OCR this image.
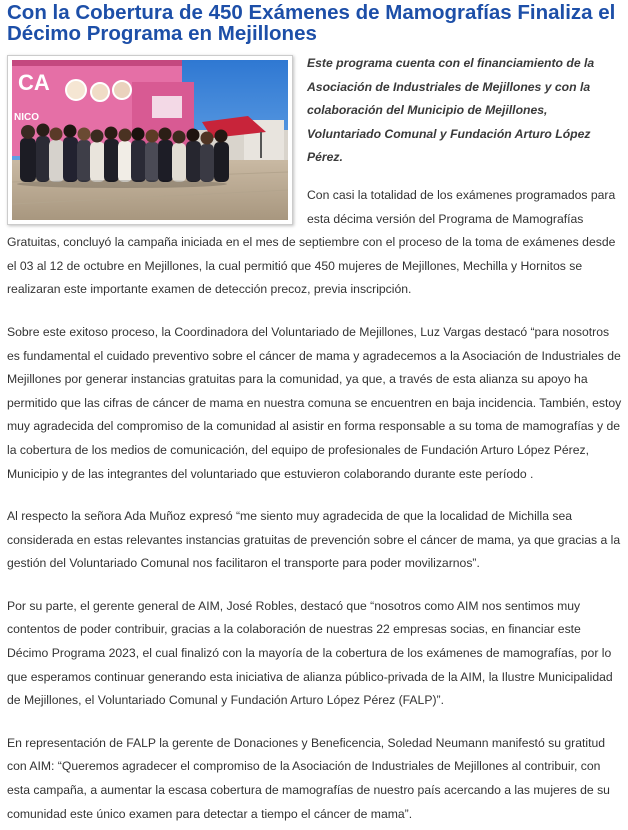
Con la Cobertura de 450 Exámenes de Mamografías Finaliza el Décimo Programa en Mejillones
CA
NICO

Este programa cuenta con el financiamiento de la Asociación de Industriales de Mejillones y con la colaboración del Municipio de Mejillones, Voluntariado Comunal y Fundación Arturo López Pérez.

Con casi la totalidad de los exámenes programados para esta décima versión del Programa de Mamografías Gratuitas, concluyó la campaña iniciada en el mes de septiembre con el proceso de la toma de exámenes desde el 03 al 12 de octubre en Mejillones, la cual permitió que 450 mujeres de Mejillones, Mechilla y Hornitos se realizaran este importante examen de detección precoz, previa inscripción.

Sobre este exitoso proceso, la Coordinadora del Voluntariado de Mejillones, Luz Vargas destacó “para nosotros es fundamental el cuidado preventivo sobre el cáncer de mama y agradecemos a la Asociación de Industriales de Mejillones por generar instancias gratuitas para la comunidad, ya que, a través de esta alianza su apoyo ha permitido que las cifras de cáncer de mama en nuestra comuna se encuentren en baja incidencia. También, estoy muy agradecida del compromiso de la comunidad al asistir en forma responsable a su toma de mamografías y de la cobertura de los medios de comunicación, del equipo de profesionales de Fundación Arturo López Pérez, Municipio y de las integrantes del voluntariado que estuvieron colaborando durante este período .

Al respecto la señora Ada Muñoz expresó “me siento muy agradecida de que la localidad de Michilla sea considerada en estas relevantes instancias gratuitas de prevención sobre el cáncer de mama, ya que gracias a la gestión del Voluntariado Comunal nos facilitaron el transporte para poder movilizarnos”.

Por su parte, el gerente general de AIM, José Robles, destacó que “nosotros como AIM nos sentimos muy contentos de poder contribuir, gracias a la colaboración de nuestras 22 empresas socias, en financiar este Décimo Programa 2023, el cual finalizó con la mayoría de la cobertura de los exámenes de mamografías, por lo que esperamos continuar generando esta iniciativa de alianza público-privada de la AIM, la Ilustre Municipalidad de Mejillones, el Voluntariado Comunal y Fundación Arturo López Pérez (FALP)”.

En representación de FALP la gerente de Donaciones y Beneficencia, Soledad Neumann manifestó su gratitud con AIM: “Queremos agradecer el compromiso de la Asociación de Industriales de Mejillones al contribuir, con esta campaña, a aumentar la escasa cobertura de mamografías de nuestro país acercando a las mujeres de su comunidad este único examen para detectar a tiempo el cáncer de mama”.
